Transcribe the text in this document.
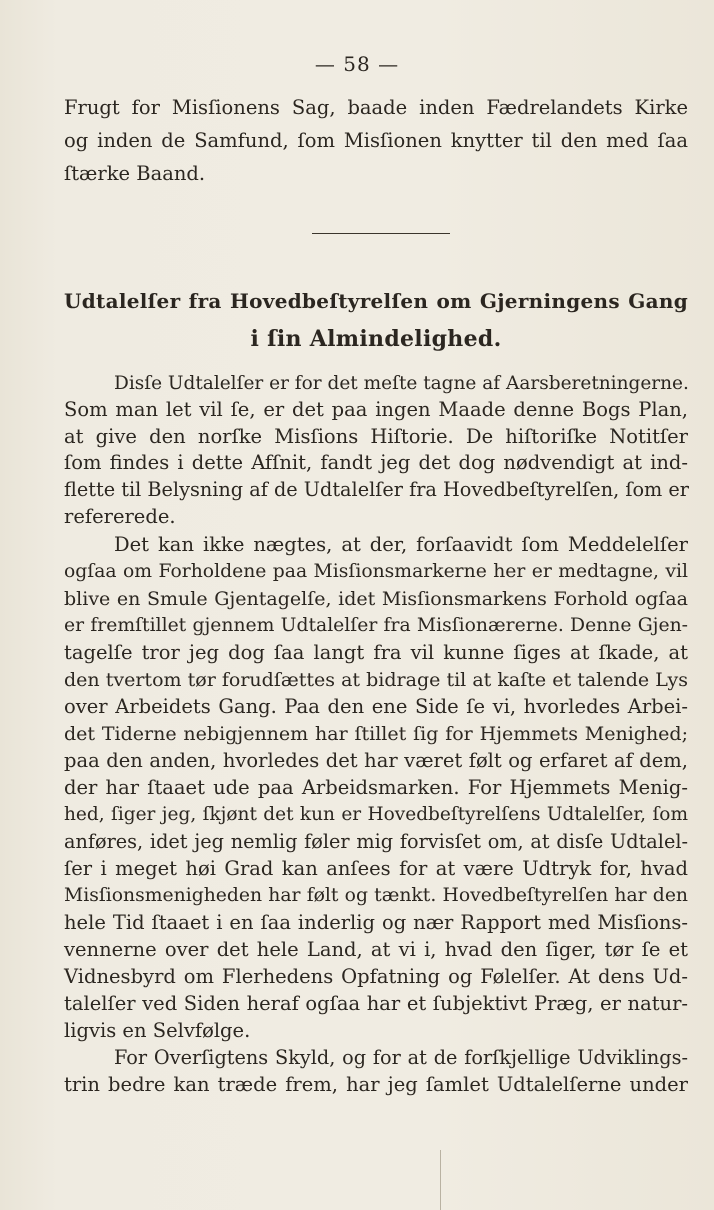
— 58 —
Frugt for Misſionens Sag, baade inden Fædrelandets Kirke
og inden de Samfund, ſom Misſionen knytter til den med ſaa
ſtærke Baand.
Udtalelſer fra Hovedbeſtyrelſen om Gjerningens Gang
i ſin Almindelighed.
Disſe Udtalelſer er for det meſte tagne af Aarsberetningerne.
Som man let vil ſe, er det paa ingen Maade denne Bogs Plan,
at give den norſke Misſions Hiſtorie. De hiſtoriſke Notitſer
ſom findes i dette Afſnit, fandt jeg det dog nødvendigt at ind-
flette til Belysning af de Udtalelſer fra Hovedbeſtyrelſen, ſom er
refererede.
Det kan ikke nægtes, at der, forſaavidt ſom Meddelelſer
ogſaa om Forholdene paa Misſionsmarkerne her er medtagne, vil
blive en Smule Gjentagelſe, idet Misſionsmarkens Forhold ogſaa
er fremſtillet gjennem Udtalelſer fra Misſionærerne. Denne Gjen-
tagelſe tror jeg dog ſaa langt fra vil kunne ſiges at ſkade, at
den tvertom tør forudſættes at bidrage til at kaſte et talende Lys
over Arbeidets Gang. Paa den ene Side ſe vi, hvorledes Arbei-
det Tiderne nebigjennem har ſtillet ſig for Hjemmets Menighed;
paa den anden, hvorledes det har været følt og erfaret af dem,
der har ſtaaet ude paa Arbeidsmarken. For Hjemmets Menig-
hed, ſiger jeg, ſkjønt det kun er Hovedbeſtyrelſens Udtalelſer, ſom
anføres, idet jeg nemlig føler mig forvisſet om, at disſe Udtalel-
ſer i meget høi Grad kan anſees for at være Udtryk for, hvad
Misſionsmenigheden har følt og tænkt. Hovedbeſtyrelſen har den
hele Tid ſtaaet i en ſaa inderlig og nær Rapport med Misſions-
vennerne over det hele Land, at vi i, hvad den ſiger, tør ſe et
Vidnesbyrd om Flerhedens Opfatning og Følelſer. At dens Ud-
talelſer ved Siden heraf ogſaa har et ſubjektivt Præg, er natur-
ligvis en Selvfølge.
For Overſigtens Skyld, og for at de forſkjellige Udviklings-
trin bedre kan træde frem, har jeg ſamlet Udtalelſerne under
